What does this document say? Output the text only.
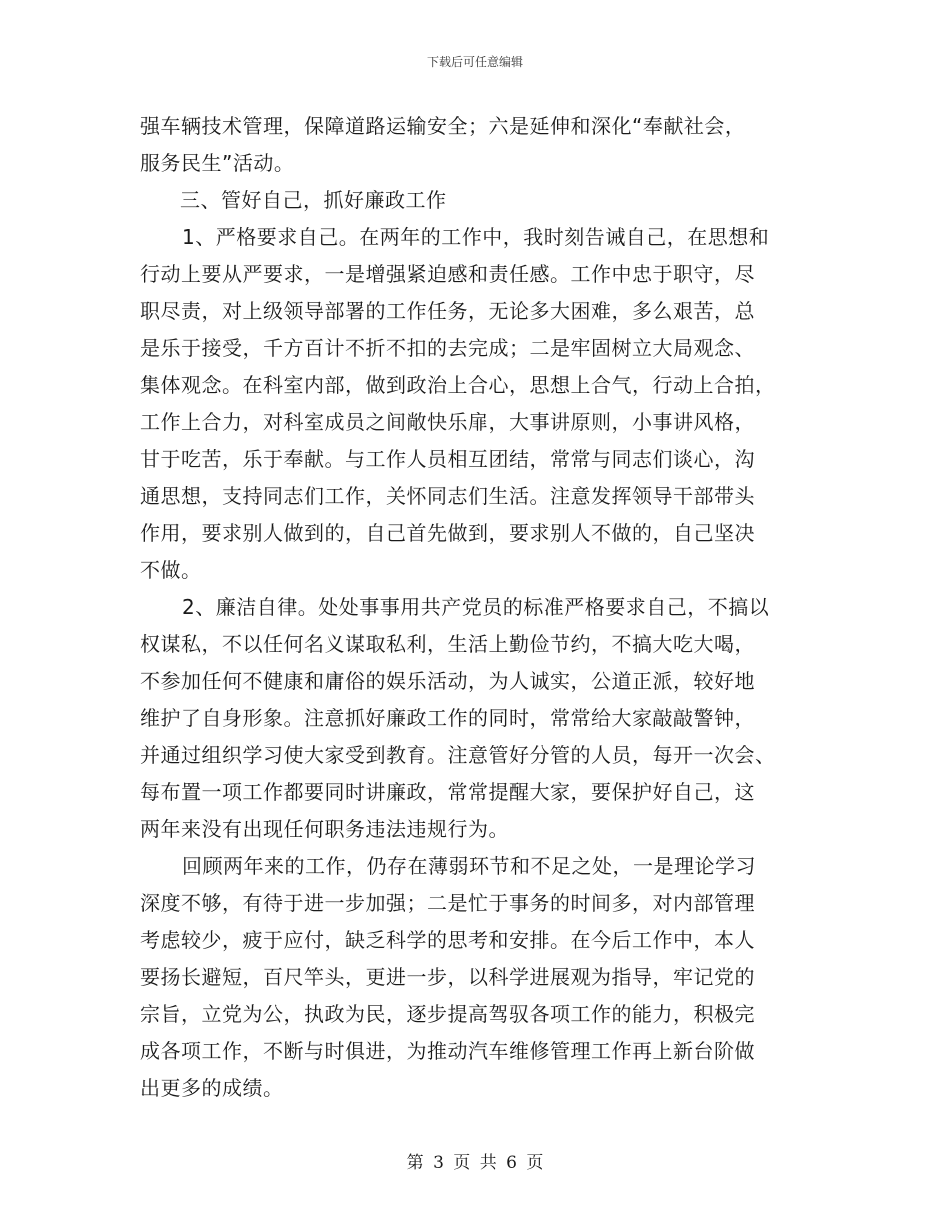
下载后可任意编辑
强车辆技术管理，保障道路运输安全；六是延伸和深化“奉献社会，
服务民生”活动。
三、管好自己，抓好廉政工作
1、严格要求自己。在两年的工作中，我时刻告诫自己，在思想和
行动上要从严要求，一是增强紧迫感和责任感。工作中忠于职守，尽
职尽责，对上级领导部署的工作任务，无论多大困难，多么艰苦，总
是乐于接受，千方百计不折不扣的去完成；二是牢固树立大局观念、
集体观念。在科室内部，做到政治上合心，思想上合气，行动上合拍，
工作上合力，对科室成员之间敞快乐扉，大事讲原则，小事讲风格，
甘于吃苦，乐于奉献。与工作人员相互团结，常常与同志们谈心，沟
通思想，支持同志们工作，关怀同志们生活。注意发挥领导干部带头
作用，要求别人做到的，自己首先做到，要求别人不做的，自己坚决
不做。
2、廉洁自律。处处事事用共产党员的标准严格要求自己，不搞以
权谋私，不以任何名义谋取私利，生活上勤俭节约，不搞大吃大喝，
不参加任何不健康和庸俗的娱乐活动，为人诚实，公道正派，较好地
维护了自身形象。注意抓好廉政工作的同时，常常给大家敲敲警钟，
并通过组织学习使大家受到教育。注意管好分管的人员，每开一次会、
每布置一项工作都要同时讲廉政，常常提醒大家，要保护好自己，这
两年来没有出现任何职务违法违规行为。
回顾两年来的工作，仍存在薄弱环节和不足之处，一是理论学习
深度不够，有待于进一步加强；二是忙于事务的时间多，对内部管理
考虑较少，疲于应付，缺乏科学的思考和安排。在今后工作中，本人
要扬长避短，百尺竿头，更进一步，以科学进展观为指导，牢记党的
宗旨，立党为公，执政为民，逐步提高驾驭各项工作的能力，积极完
成各项工作，不断与时俱进，为推动汽车维修管理工作再上新台阶做
出更多的成绩。
第 3 页 共 6 页
